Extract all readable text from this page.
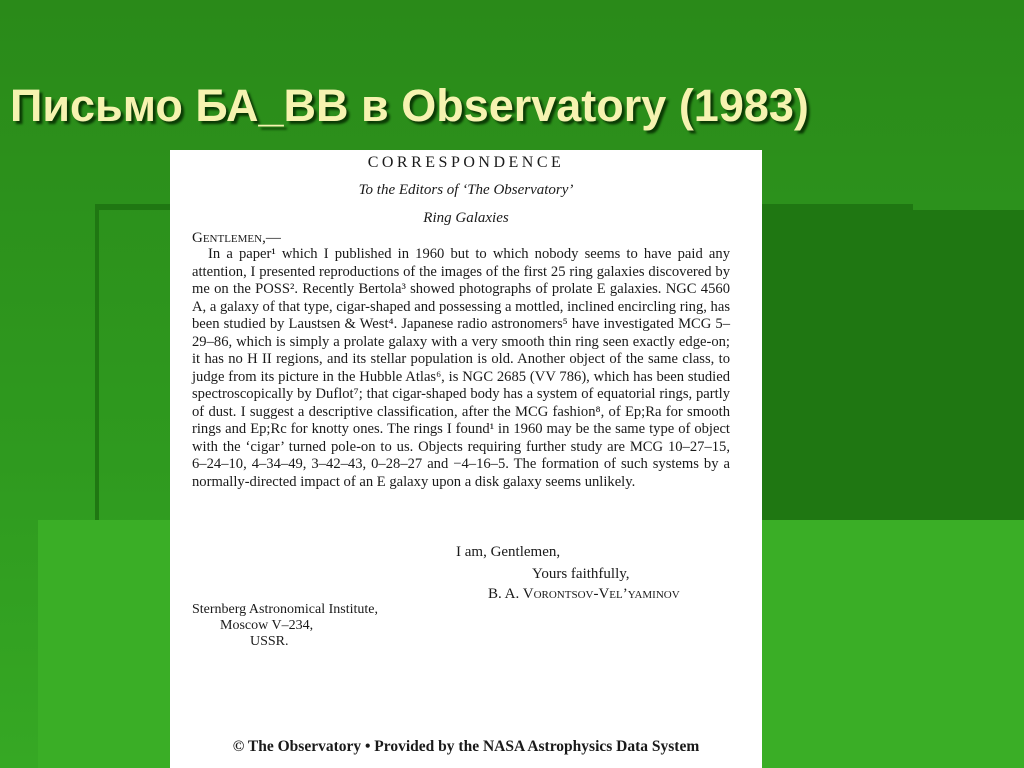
Письмо БА_ВВ в Observatory (1983)
CORRESPONDENCE
To the Editors of ‘The Observatory’
Ring Galaxies
Gentlemen,—

In a paper¹ which I published in 1960 but to which nobody seems to have paid any attention, I presented reproductions of the images of the first 25 ring galaxies discovered by me on the POSS². Recently Bertola³ showed photographs of prolate E galaxies. NGC 4560 A, a galaxy of that type, cigar-shaped and possessing a mottled, inclined encircling ring, has been studied by Laustsen & West⁴. Japanese radio astronomers⁵ have investigated MCG 5–29–86, which is simply a prolate galaxy with a very smooth thin ring seen exactly edge-on; it has no H II regions, and its stellar population is old. Another object of the same class, to judge from its picture in the Hubble Atlas⁶, is NGC 2685 (VV 786), which has been studied spectroscopically by Duflot⁷; that cigar-shaped body has a system of equatorial rings, partly of dust. I suggest a descriptive classification, after the MCG fashion⁸, of Ep;Ra for smooth rings and Ep;Rc for knotty ones. The rings I found¹ in 1960 may be the same type of object with the ‘cigar’ turned pole-on to us. Objects requiring further study are MCG 10–27–15, 6–24–10, 4–34–49, 3–42–43, 0–28–27 and −4–16–5. The formation of such systems by a normally-directed impact of an E galaxy upon a disk galaxy seems unlikely.

I am, Gentlemen,
Yours faithfully,
B. A. Vorontsov-Vel’yaminov
Sternberg Astronomical Institute,
Moscow V–234,
USSR.
© The Observatory • Provided by the NASA Astrophysics Data System
